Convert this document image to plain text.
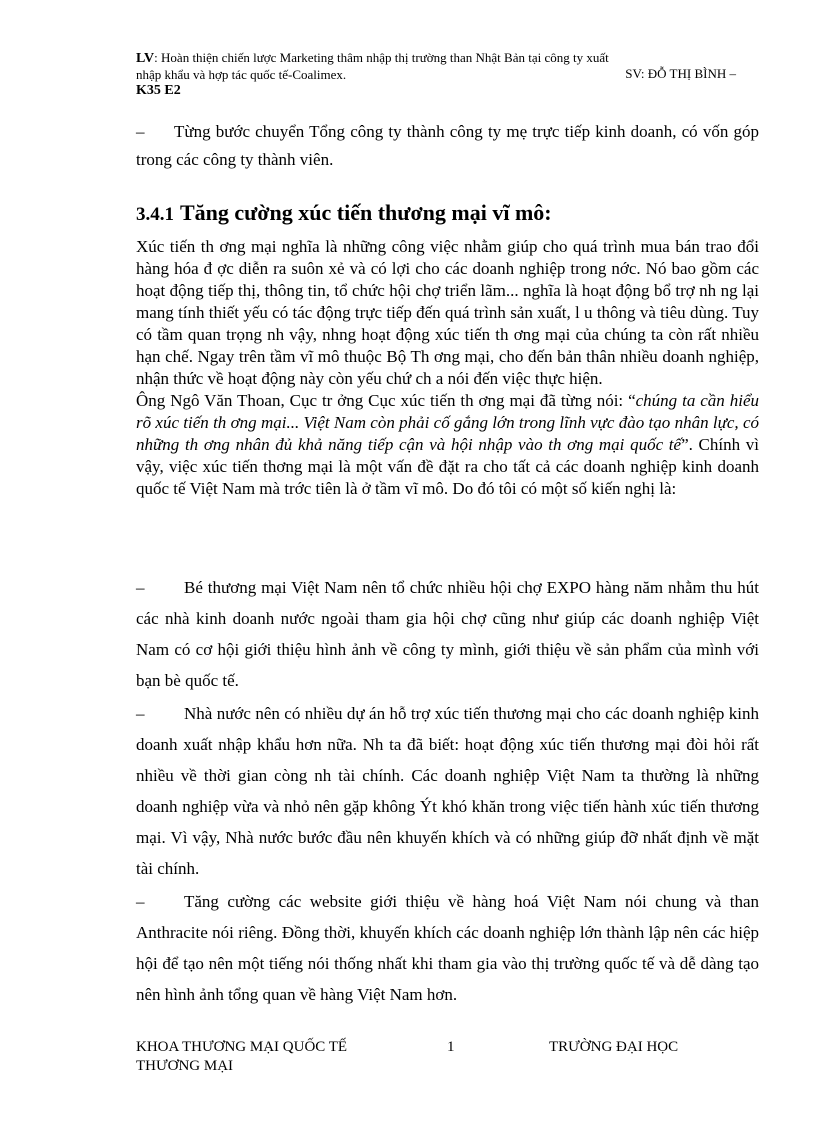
LV: Hoàn thiện chiến lược Marketing thâm nhập thị trường than Nhật Bản tại công ty xuất
nhập khẩu và hợp tác quốc tế-Coalimex.	SV: ĐỖ THỊ BÌNH –
K35 E2
– Từng bước chuyển Tổng công ty thành công ty mẹ trực tiếp kinh doanh, có vốn góp trong các công ty thành viên.
3.4.1 Tăng cường xúc tiến thương mại vĩ mô:

Xúc tiến th ơng mại nghĩa là những công việc nhằm giúp cho quá trình mua bán trao đổi hàng hóa đ ợc diễn ra suôn xẻ và có lợi cho các doanh nghiệp trong nớc. Nó bao gồm các hoạt động tiếp thị, thông tin, tổ chức hội chợ triển lãm... nghĩa là hoạt động bổ trợ nh ng lại mang tính thiết yếu có tác động trực tiếp đến quá trình sản xuất, l u thông và tiêu dùng. Tuy có tầm quan trọng nh vậy, nhng hoạt động xúc tiến th ơng mại của chúng ta còn rất nhiều hạn chế. Ngay trên tầm vĩ mô thuộc Bộ Th ơng mại, cho đến bản thân nhiều doanh nghiệp, nhận thức về hoạt động này còn yếu chứ ch a nói đến việc thực hiện.

Ông Ngô Văn Thoan, Cục tr ởng Cục xúc tiến th ơng mại đã từng nói: “chúng ta cần hiểu rõ xúc tiến th ơng mại... Việt Nam còn phải cố gắng lớn trong lĩnh vực đào tạo nhân lực, có những th ơng nhân đủ khả năng tiếp cận và hội nhập vào th ơng mại quốc tế”. Chính vì vậy, việc xúc tiến thơng mại là một vấn đề đặt ra cho tất cả các doanh nghiệp kinh doanh quốc tế Việt Nam mà trớc tiên là ở tầm vĩ mô. Do đó tôi có một số kiến nghị là:

– Bé thương mại Việt Nam nên tổ chức nhiều hội chợ EXPO hàng năm nhằm thu hút các nhà kinh doanh nước ngoài tham gia hội chợ cũng như giúp các doanh nghiệp Việt Nam có cơ hội giới thiệu hình ảnh về công ty mình, giới thiệu về sản phẩm của mình với bạn bè quốc tế.

– Nhà nước nên có nhiều dự án hỗ trợ xúc tiến thương mại cho các doanh nghiệp kinh doanh xuất nhập khẩu hơn nữa. Nh ta đã biết: hoạt động xúc tiến thương mại đòi hỏi rất nhiều về thời gian còng nh tài chính. Các doanh nghiệp Việt Nam ta thường là những doanh nghiệp vừa và nhỏ nên gặp không Ýt khó khăn trong việc tiến hành xúc tiến thương mại. Vì vậy, Nhà nước bước đầu nên khuyến khích và có những giúp đỡ nhất định về mặt tài chính.

– Tăng cường các website giới thiệu về hàng hoá Việt Nam nói chung và than Anthracite nói riêng. Đồng thời, khuyến khích các doanh nghiệp lớn thành lập nên các hiệp hội để tạo nên một tiếng nói thống nhất khi tham gia vào thị trường quốc tế và dễ dàng tạo nên hình ảnh tổng quan về hàng Việt Nam hơn.

KHOA THƯƠNG MẠI QUỐC TẾ
THƯƠNG MẠI
1	TRƯỜNG ĐẠI HỌC
